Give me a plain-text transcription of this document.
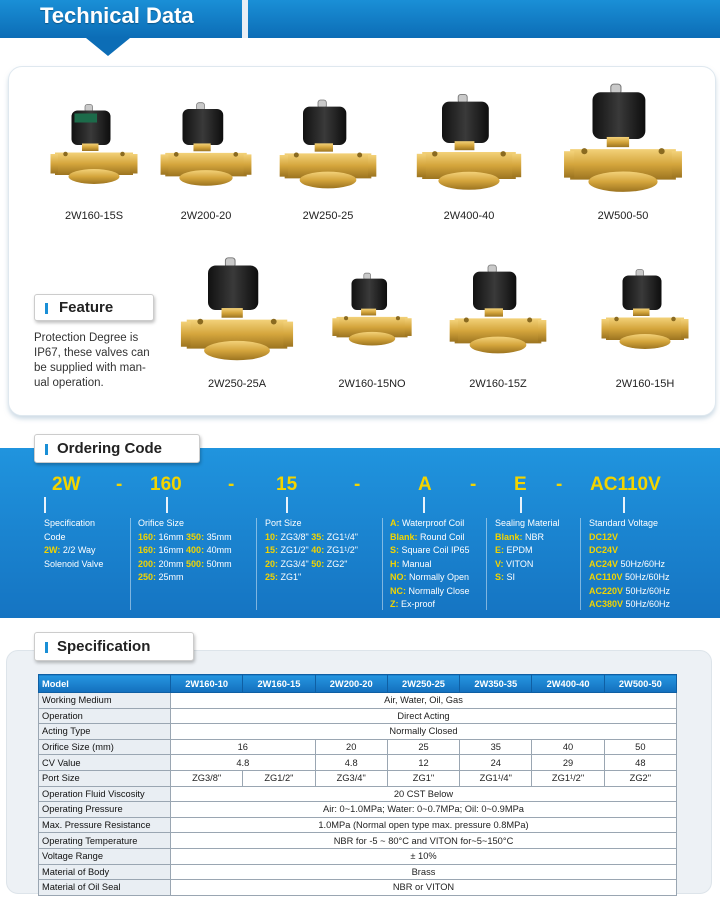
Technical Data
2W160-15S	2W200-20	2W250-25	2W400-40	2W500-50
2W250-25A	2W160-15NO	2W160-15Z	2W160-15H
Feature
Protection Degree is
IP67, these valves can
be supplied with man-
ual operation.
Ordering Code
2W - 160 - 15	-	A - E - AC110V
Specification
Code
2W: 2/2 Way
Solenoid Valve
Orifice Size
160: 16mm 350: 35mm
160: 16mm 400: 40mm
200: 20mm 500: 50mm
250: 25mm
Port Size
10: ZG3/8" 35: ZG1¹/4"
15: ZG1/2" 40: ZG1¹/2"
20: ZG3/4" 50: ZG2"
25: ZG1"
A: Waterproof Coil
Blank: Round Coil
S: Square Coil IP65
H: Manual
NO: Normally Open
NC: Normally Close
Z: Ex-proof
Sealing Material
Blank: NBR
E: EPDM
V: VITON
S: SI
Standard Voltage
DC12V
DC24V
AC24V 50Hz/60Hz
AC110V 50Hz/60Hz
AC220V 50Hz/60Hz
AC380V 50Hz/60Hz
Specification
Model	2W160-10	2W160-15	2W200-20	2W250-25	2W350-35	2W400-40	2W500-50
Working Medium	Air, Water, Oil, Gas						
Operation	Direct Acting						
Acting Type	Normally Closed						
Orifice Size (mm)	16		20	25	35	40	50
CV Value	4.8		4.8	12	24	29	48
Port Size	ZG3/8"	ZG1/2"	ZG3/4"	ZG1"	ZG1¹/4"	ZG1¹/2"	ZG2"
Operation Fluid Viscosity	20 CST Below						
Operating Pressure	Air: 0~1.0MPa; Water: 0~0.7MPa; Oil: 0~0.9MPa						
Max. Pressure Resistance	1.0MPa (Normal open type max. pressure 0.8MPa)						
Operating Temperature	NBR for -5 ~ 80°C and VITON for~5~150°C						
Voltage Range	± 10%						
Material of Body	Brass						
Material of Oil Seal	NBR or VITON						
